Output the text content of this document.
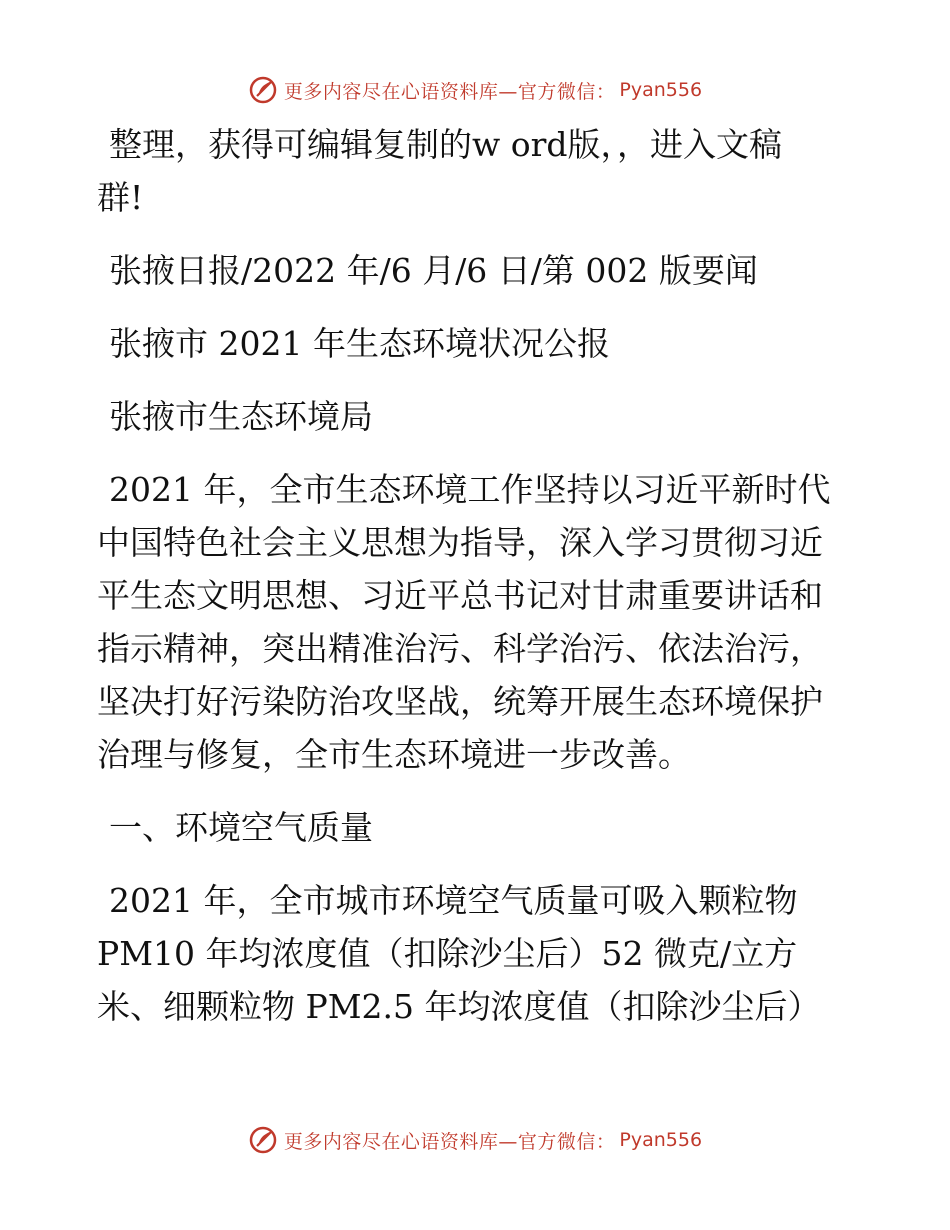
更多内容尽在心语资料库—官方微信： Pyan556
整理，获得可编辑复制的w ord版，，进入文稿
群!
张掖日报/2022 年/6 月/6 日/第 002 版要闻
张掖市 2021 年生态环境状况公报
张掖市生态环境局
2021 年，全市生态环境工作坚持以习近平新时代
中国特色社会主义思想为指导，深入学习贯彻习近
平生态文明思想、习近平总书记对甘肃重要讲话和
指示精神，突出精准治污、科学治污、依法治污，
坚决打好污染防治攻坚战，统筹开展生态环境保护
治理与修复，全市生态环境进一步改善。
一、环境空气质量
2021 年，全市城市环境空气质量可吸入颗粒物
PM10 年均浓度值（扣除沙尘后）52 微克/立方
米、细颗粒物 PM2.5 年均浓度值（扣除沙尘后）
更多内容尽在心语资料库—官方微信： Pyan556
